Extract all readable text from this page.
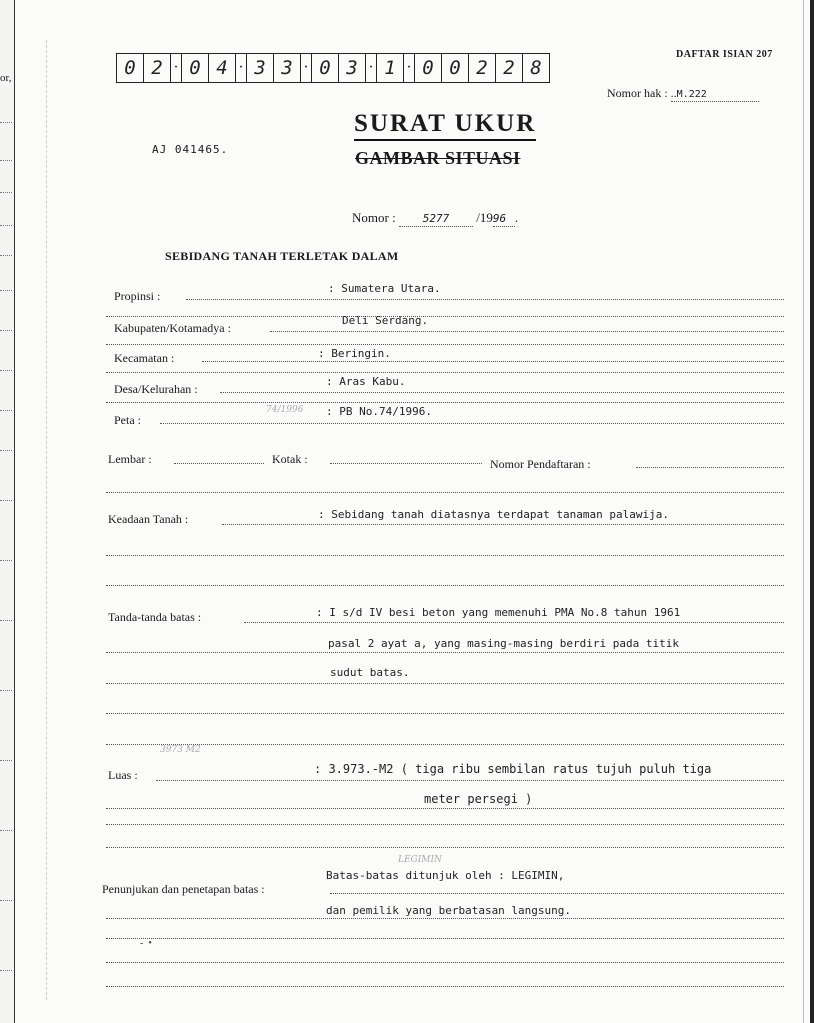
or,
DAFTAR ISIAN 207
0 2 · 0 4 · 3 3 · 0 3 · 1 · 0 0 2 2 8
Nomor hak : ..M.222
SURAT UKUR
GAMBAR SITUASI
AJ 041465.
Nomor : 5277 /1996 .
SEBIDANG TANAH TERLETAK DALAM
Propinsi :
: Sumatera Utara.
Kabupaten/Kotamadya :
Deli Serdang.
Kecamatan :	: Beringin.
Desa/Kelurahan :
: Aras Kabu.
Peta :
74/1996 : PB No.74/1996.
Lembar :	Kotak :	Nomor Pendaftaran :
Keadaan Tanah :	: Sebidang tanah diatasnya terdapat tanaman palawija.
Tanda-tanda batas :	: I s/d IV besi beton yang memenuhi PMA No.8 tahun 1961
pasal 2 ayat a, yang masing-masing berdiri pada titik
sudut batas.
3973 M2
Luas :	: 3.973.-M2 ( tiga ribu sembilan ratus tujuh puluh tiga
meter persegi )
LEGIMIN
Penunjukan dan penetapan batas :
Batas-batas ditunjuk oleh : LEGIMIN,
dan pemilik yang berbatasan langsung.
-  •
